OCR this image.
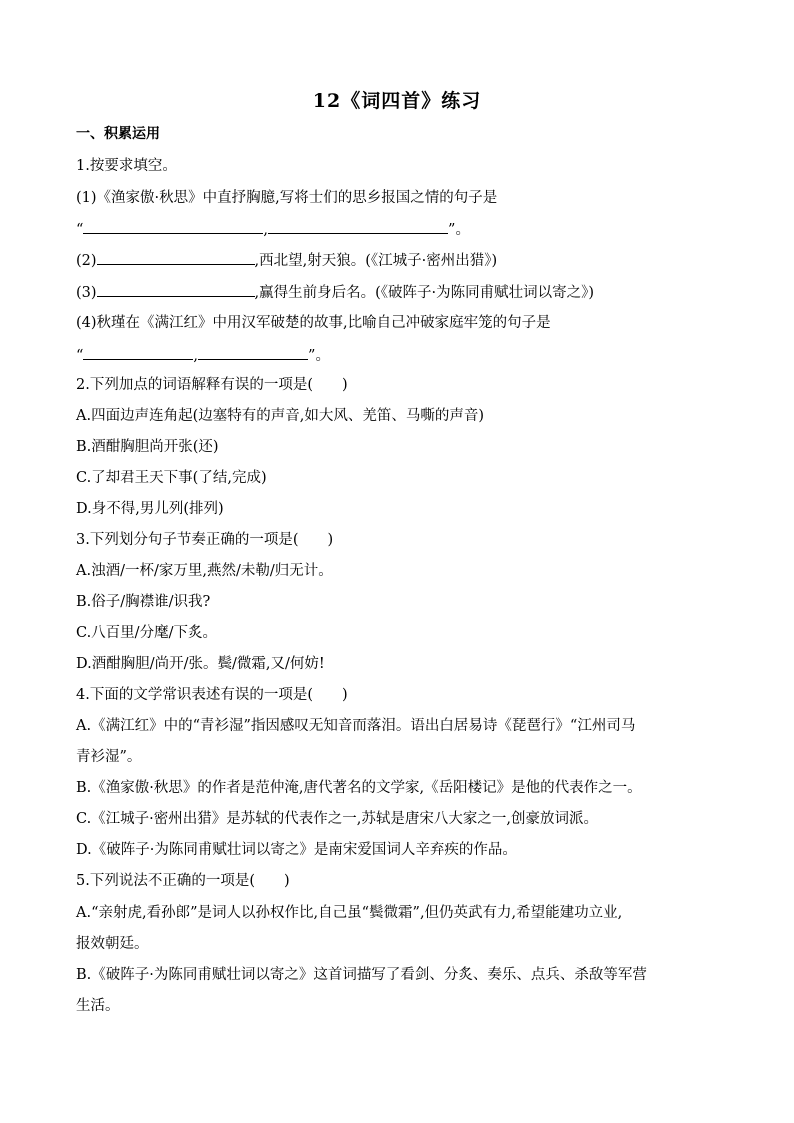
12《词四首》练习
一、积累运用
1.按要求填空。
(1)《渔家傲·秋思》中直抒胸臆,写将士们的思乡报国之情的句子是
“	,	”。
(2)	,西北望,射天狼。(《江城子·密州出猎》)
(3)	,赢得生前身后名。(《破阵子·为陈同甫赋壮词以寄之》)
(4)秋瑾在《满江红》中用汉军破楚的故事,比喻自己冲破家庭牢笼的句子是
“	,	”。
2.下列加点的词语解释有误的一项是(　　)
A.四面边声连角起(边塞特有的声音,如大风、羌笛、马嘶的声音)
B.酒酣胸胆尚开张(还)
C.了却君王天下事(了结,完成)
D.身不得,男儿列(排列)
3.下列划分句子节奏正确的一项是(　　)
A.浊酒/一杯/家万里,燕然/未勒/归无计。
B.俗子/胸襟谁/识我?
C.八百里/分麾/下炙。
D.酒酣胸胆/尚开/张。鬓/微霜,又/何妨!
4.下面的文学常识表述有误的一项是(　　)
A.《满江红》中的“青衫湿”指因感叹无知音而落泪。语出白居易诗《琵琶行》“江州司马
青衫湿”。
B.《渔家傲·秋思》的作者是范仲淹,唐代著名的文学家,《岳阳楼记》是他的代表作之一。
C.《江城子·密州出猎》是苏轼的代表作之一,苏轼是唐宋八大家之一,创豪放词派。
D.《破阵子·为陈同甫赋壮词以寄之》是南宋爱国词人辛弃疾的作品。
5.下列说法不正确的一项是(　　)
A.“亲射虎,看孙郎”是词人以孙权作比,自己虽“鬓微霜”,但仍英武有力,希望能建功立业,
报效朝廷。
B.《破阵子·为陈同甫赋壮词以寄之》这首词描写了看剑、分炙、奏乐、点兵、杀敌等军营
生活。
